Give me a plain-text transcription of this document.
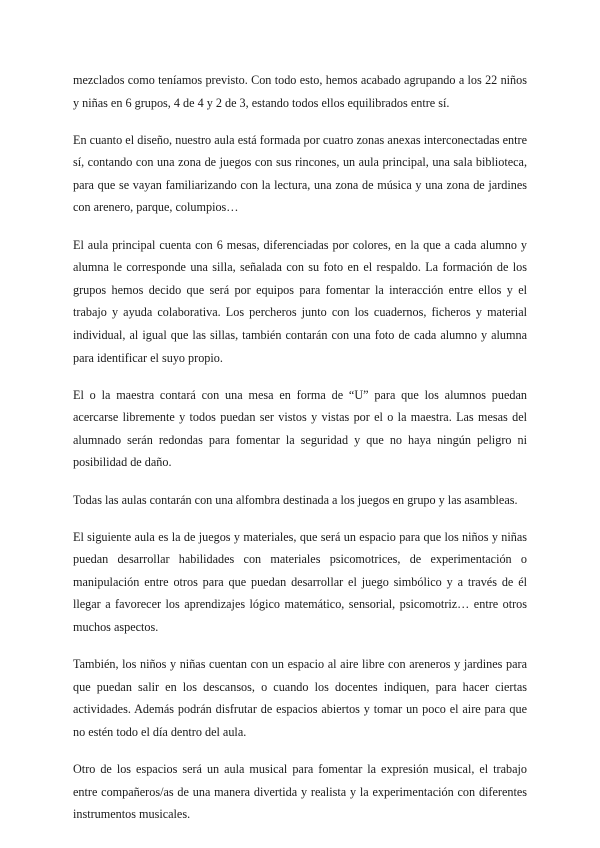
mezclados como teníamos previsto. Con todo esto, hemos acabado agrupando a los 22 niños y niñas en 6 grupos, 4 de 4 y 2 de 3, estando todos ellos equilibrados entre sí.

En cuanto el diseño, nuestro aula está formada por cuatro zonas anexas interconectadas entre sí, contando con una zona de juegos con sus rincones, un aula principal, una sala biblioteca, para que se vayan familiarizando con la lectura, una zona de música y una zona de jardines con arenero, parque, columpios…

El aula principal cuenta con 6 mesas, diferenciadas por colores, en la que a cada alumno y alumna le corresponde una silla, señalada con su foto en el respaldo. La formación de los grupos hemos decido que será por equipos para fomentar la interacción entre ellos y el trabajo y ayuda colaborativa. Los percheros junto con los cuadernos, ficheros y material individual, al igual que las sillas, también contarán con una foto de cada alumno y alumna para identificar el suyo propio.

El o la maestra contará con una mesa en forma de “U” para que los alumnos puedan acercarse libremente y todos puedan ser vistos y vistas por el o la maestra. Las mesas del alumnado serán redondas para fomentar la seguridad y que no haya ningún peligro ni posibilidad de daño.

Todas las aulas contarán con una alfombra destinada a los juegos en grupo y las asambleas.

El siguiente aula es la de juegos y materiales, que será un espacio para que los niños y niñas puedan desarrollar habilidades con materiales psicomotrices, de experimentación o manipulación entre otros para que puedan desarrollar el juego simbólico y a través de él llegar a favorecer los aprendizajes lógico matemático, sensorial, psicomotriz… entre otros muchos aspectos.

También, los niños y niñas cuentan con un espacio al aire libre con areneros y jardines para que puedan salir en los descansos, o cuando los docentes indiquen, para hacer ciertas actividades. Además podrán disfrutar de espacios abiertos y tomar un poco el aire para que no estén todo el día dentro del aula.

Otro de los espacios será un aula musical para fomentar la expresión musical, el trabajo entre compañeros/as de una manera divertida y realista y la experimentación con diferentes instrumentos musicales.
